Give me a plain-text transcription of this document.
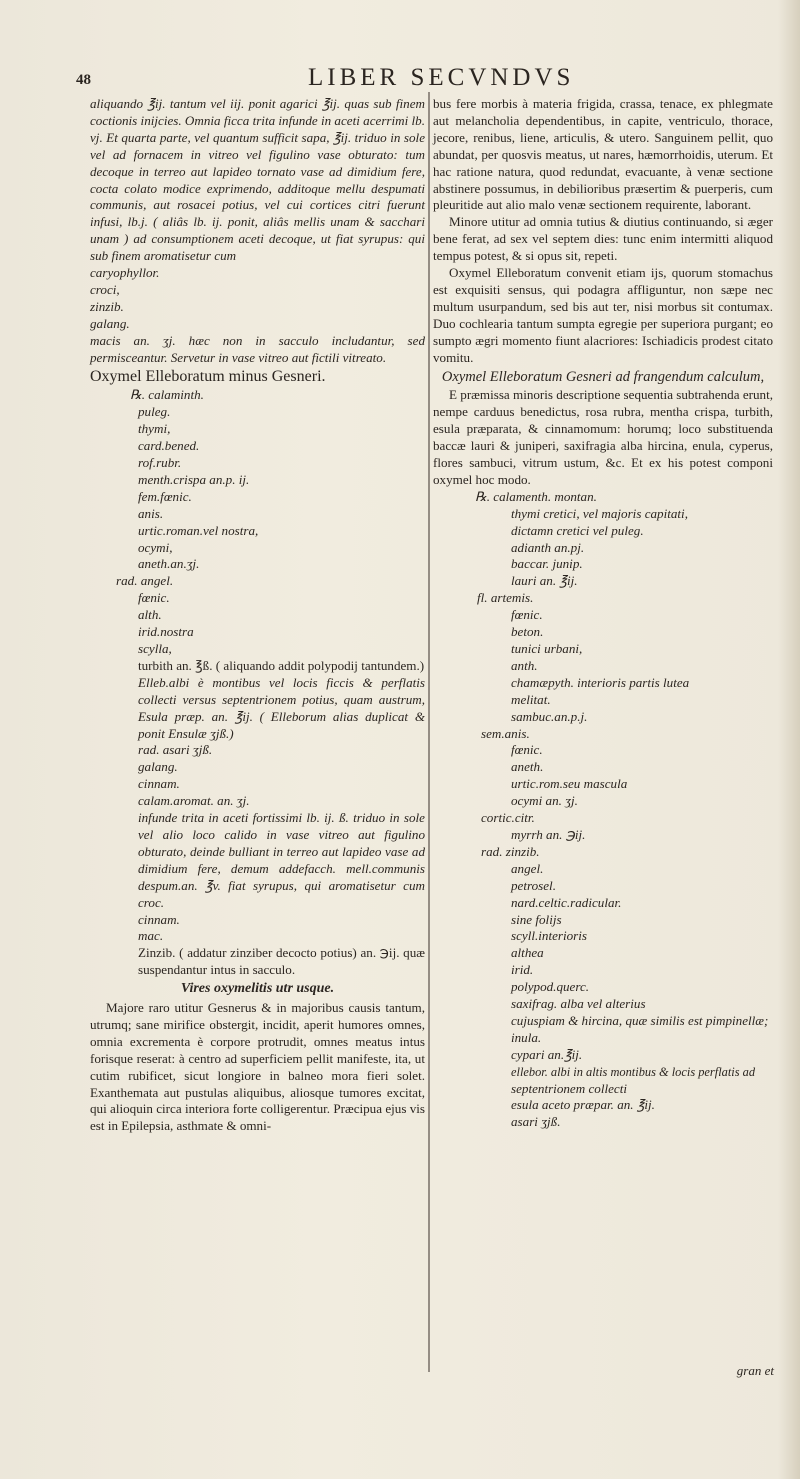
48	LIBER SECVNDVS

aliquando ℥ij. tantum vel iij. ponit agarici ℥ij. quas sub finem coctionis inijcies. Omnia ficca trita infunde in aceti acerrimi lb. vj. Et quarta parte, vel quantum sufficit sapa, ℥ij. triduo in sole vel ad fornacem in vitreo vel figulino vase obturato: tum decoque in terreo aut lapideo tornato vase ad dimidium fere, cocta colato modice exprimendo, additoque mellu despumati communis, aut rosacei potius, vel cui cortices citri fuerunt infusi, lb.j. ( aliâs lb. ij. ponit, aliâs mellis unam & sacchari unam ) ad consumptionem aceti decoque, ut fiat syrupus: qui sub finem aromatisetur cum

caryophyllor.
croci,
zinzib.
galang.

macis an. ʒj. hæc non in sacculo includantur, sed permisceantur. Servetur in vase vitreo aut fictili vitreato.

Oxymel Elleboratum minus Gesneri.
℞. calaminth.
puleg.
thymi,
card.bened.
rof.rubr.
menth.crispa an.p. ij.
fem.fœnic.
anis.
urtic.roman.vel nostra,
ocymi,
aneth.an.ʒj.
rad. angel.
fœnic.
alth.
irid.nostra
scylla,

turbith an. ℥ß. ( aliquando addit polypodij tantundem.)

Elleb.albi è montibus vel locis ficcis & perflatis collecti versus septentrionem potius, quam austrum, Esula præp. an. ℥ij. ( Elleborum alias duplicat & ponit Ensulæ ʒjß.)

rad. asari ʒjß.
galang.
cinnam.
calam.aromat. an. ʒj.

infunde trita in aceti fortissimi lb. ij. ß. triduo in sole vel alio loco calido in vase vitreo aut figulino obturato, deinde bulliant in terreo aut lapideo vase ad dimidium fere, demum addefacch. mell.communis despum.an. ℥v. fiat syrupus, qui aromatisetur cum croc.

cinnam.
mac.

Zinzib. ( addatur zinziber decocto potius) an. ℈ij. quæ suspendantur intus in sacculo.

Vires oxymelitis utr usque.

Majore raro utitur Gesnerus & in majoribus causis tantum, utrumq; sane mirifice obstergit, incidit, aperit humores omnes, omnia excrementa è corpore protrudit, omnes meatus intus forisque reserat: à centro ad superficiem pellit manifeste, ita, ut cutim rubificet, sicut longiore in balneo mora fieri solet. Exanthemata aut pustulas aliquibus, aliosque tumores excitat, qui alioquin circa interiora forte colligerentur. Præcipua ejus vis est in Epilepsia, asthmate & omni-

bus fere morbis à materia frigida, crassa, tenace, ex phlegmate aut melancholia dependentibus, in capite, ventriculo, thorace, jecore, renibus, liene, articulis, & utero. Sanguinem pellit, quo abundat, per quosvis meatus, ut nares, hæmorrhoidis, uterum. Et hac ratione natura, quod redundat, evacuante, à venæ sectione abstinere possumus, in debilioribus præsertim & puerperis, cum pleuritide aut alio malo venæ sectionem requirente, laborant.

Minore utitur ad omnia tutius & diutius continuando, si æger bene ferat, ad sex vel septem dies: tunc enim intermitti aliquod tempus potest, & si opus sit, repeti.

Oxymel Elleboratum convenit etiam ijs, quorum stomachus est exquisiti sensus, qui podagra affliguntur, non sæpe nec multum usurpandum, sed bis aut ter, nisi morbus sit contumax. Duo cochlearia tantum sumpta egregie per superiora purgant; eo sumpto ægri momento fiunt alacriores: Ischiadicis prodest citato vomitu.

Oxymel Elleboratum Gesneri ad frangendum calculum,

E præmissa minoris descriptione sequentia subtrahenda erunt, nempe carduus benedictus, rosa rubra, mentha crispa, turbith, esula præparata, & cinnamomum: horumq; loco substituenda baccæ lauri & juniperi, saxifragia alba hircina, enula, cyperus, flores sambuci, vitrum ustum, &c. Et ex his potest componi oxymel hoc modo.

℞. calamenth. montan.
thymi cretici, vel majoris capitati,
dictamn cretici vel puleg.
adianth an.pj.
baccar. junip.
lauri an. ℥ij.
fl. artemis.
fœnic.
beton.
tunici urbani,
anth.
chamæpyth. interioris partis lutea
melitat.
sambuc.an.p.j.
sem.anis.
fœnic.
aneth.
urtic.rom.seu mascula
ocymi an. ʒj.
cortic.citr.
myrrh an. ℈ij.
rad. zinzib.
angel.
petrosel.
nard.celtic.radicular.
sine folijs
scyll.interioris
althea
irid.
polypod.querc.
saxifrag. alba vel alterius
cujuspiam & hircina, quæ similis est pimpinellæ;
inula.
cypari an.℥ij.
ellebor. albi in altis montibus & locis perflatis ad
septentrionem collecti
esula aceto præpar. an. ℥ij.
asari ʒjß.
gran et
